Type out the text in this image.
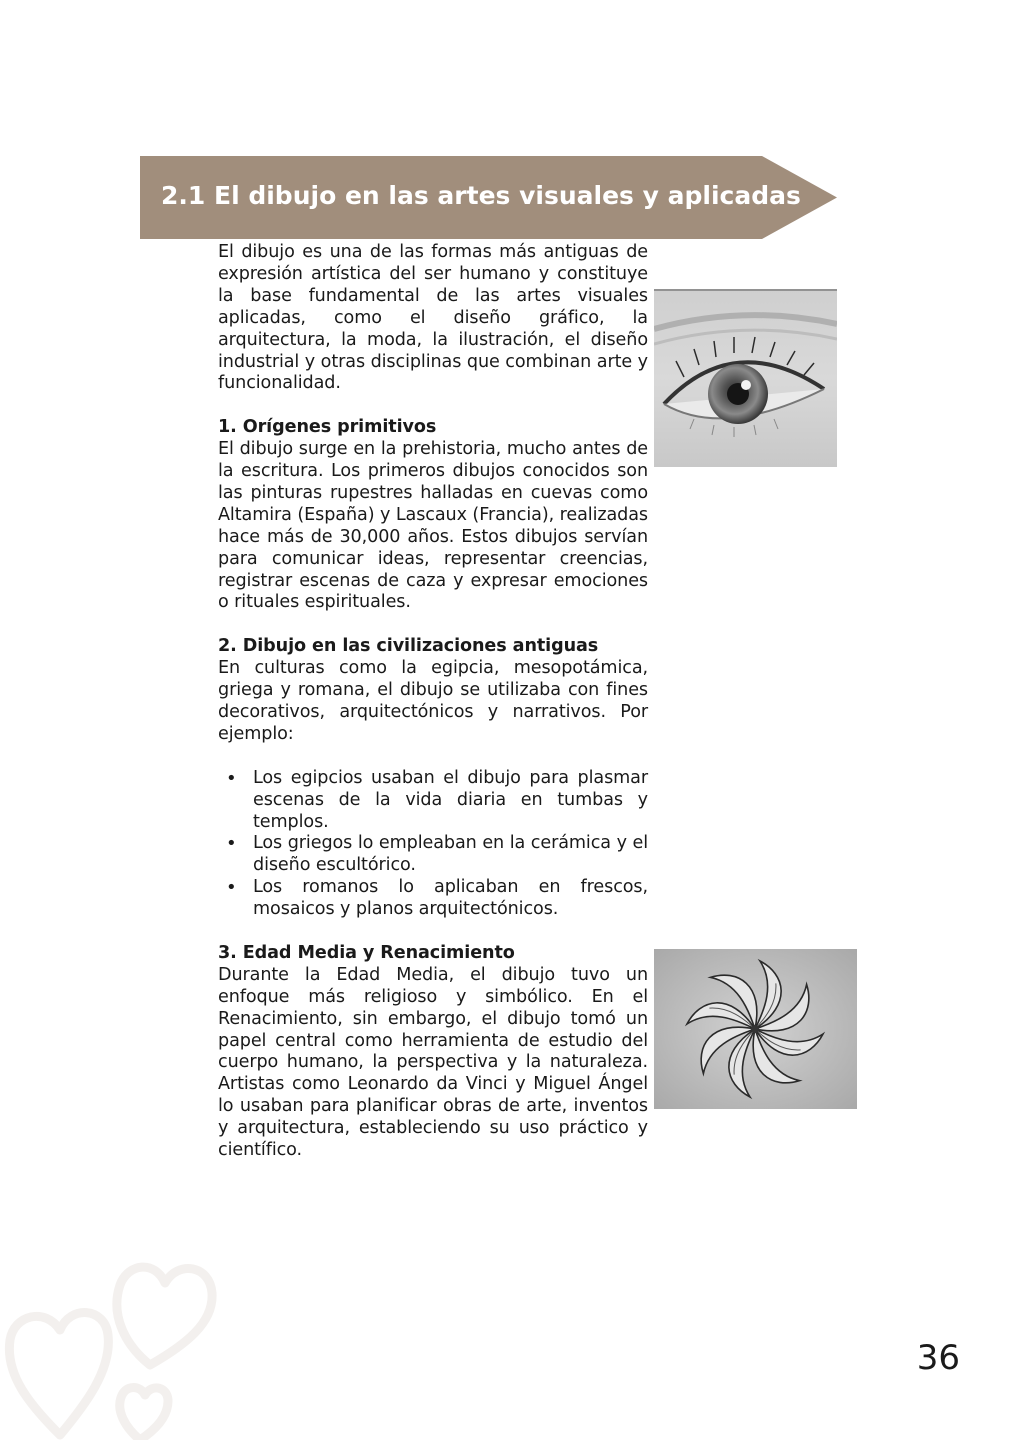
2.1 El dibujo en las artes visuales y aplicadas

El dibujo es una de las formas más antiguas de expresión artística del ser humano y constituye la base fundamental de las artes visuales aplicadas, como el diseño gráfico, la arquitectura, la moda, la ilustración, el diseño industrial y otras disciplinas que combinan arte y funcionalidad.

1. Orígenes primitivos

El dibujo surge en la prehistoria, mucho antes de la escritura. Los primeros dibujos conocidos son las pinturas rupestres halladas en cuevas como Altamira (España) y Lascaux (Francia), realizadas hace más de 30,000 años. Estos dibujos servían para comunicar ideas, representar creencias, registrar escenas de caza y expresar emociones o rituales espirituales.

2. Dibujo en las civilizaciones antiguas

En culturas como la egipcia, mesopotámica, griega y romana, el dibujo se utilizaba con fines decorativos, arquitectónicos y narrativos. Por ejemplo:

• Los egipcios usaban el dibujo para plasmar escenas de la vida diaria en tumbas y templos.
• Los griegos lo empleaban en la cerámica y el diseño escultórico.
• Los romanos lo aplicaban en frescos, mosaicos y planos arquitectónicos.
3. Edad Media y Renacimiento

Durante la Edad Media, el dibujo tuvo un enfoque más religioso y simbólico. En el Renacimiento, sin embargo, el dibujo tomó un papel central como herramienta de estudio del cuerpo humano, la perspectiva y la naturaleza. Artistas como Leonardo da Vinci y Miguel Ángel lo usaban para planificar obras de arte, inventos y arquitectura, estableciendo su uso práctico y científico.

36
